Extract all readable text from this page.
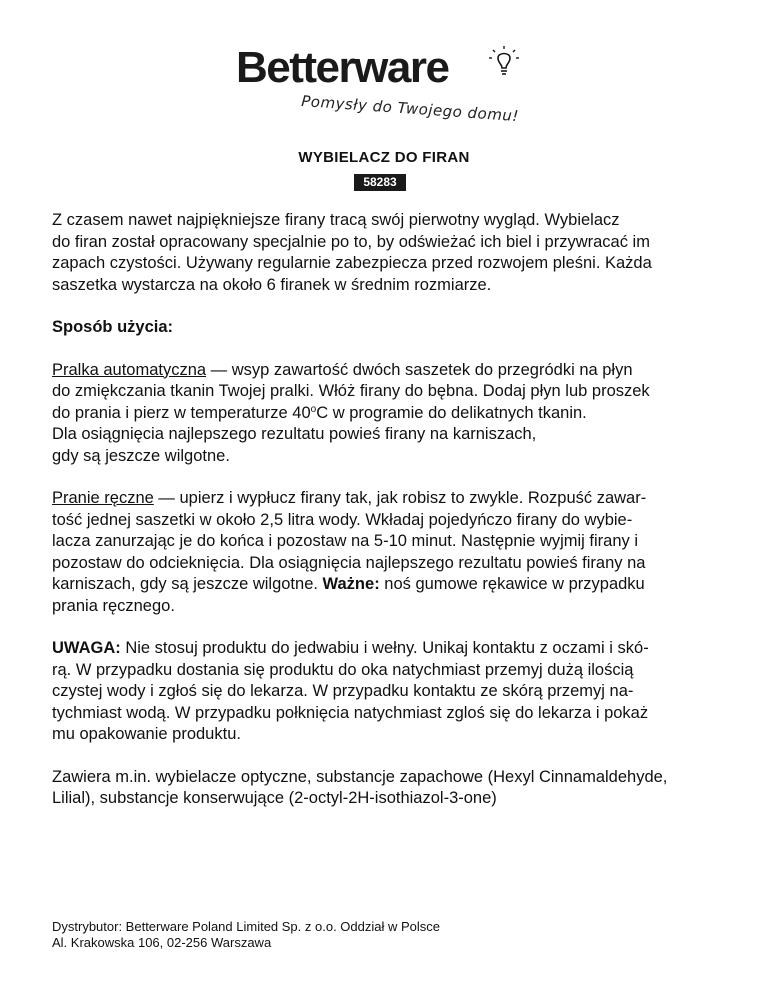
Betterware
Pomysły do Twojego domu!
WYBIELACZ DO FIRAN
58283

Z czasem nawet najpiękniejsze firany tracą swój pierwotny wygląd. Wybielacz
do firan został opracowany specjalnie po to, by odświeżać ich biel i przywracać im
zapach czystości. Używany regularnie zabezpiecza przed rozwojem pleśni. Każda
saszetka wystarcza na około 6 firanek w średnim rozmiarze.

Sposób użycia:

Pralka automatyczna — wsyp zawartość dwóch saszetek do przegródki na płyn
do zmiękczania tkanin Twojej pralki. Włóż firany do bębna. Dodaj płyn lub proszek
do prania i pierz w temperaturze 40$^o$C w programie do delikatnych tkanin.
Dla osiągnięcia najlepszego rezultatu powieś firany na karniszach,
gdy są jeszcze wilgotne.

Pranie ręczne — upierz i wypłucz firany tak, jak robisz to zwykle. Rozpuść zawar-
tość jednej saszetki w około 2,5 litra wody. Wkładaj pojedyńczo firany do wybie-
lacza zanurzając je do końca i pozostaw na 5-10 minut. Następnie wyjmij firany i
pozostaw do odcieknięcia. Dla osiągnięcia najlepszego rezultatu powieś firany na
karniszach, gdy są jeszcze wilgotne. Ważne: noś gumowe rękawice w przypadku
prania ręcznego.

UWAGA: Nie stosuj produktu do jedwabiu i wełny. Unikaj kontaktu z oczami i skó-
rą. W przypadku dostania się produktu do oka natychmiast przemyj dużą ilością
czystej wody i zgłoś się do lekarza. W przypadku kontaktu ze skórą przemyj na-
tychmiast wodą. W przypadku połknięcia natychmiast zgloś się do lekarza i pokaż
mu opakowanie produktu.

Zawiera m.in. wybielacze optyczne, substancje zapachowe (Hexyl Cinnamaldehyde,
Lilial), substancje konserwujące (2-octyl-2H-isothiazol-3-one)

Dystrybutor: Betterware Poland Limited Sp. z o.o. Oddział w Polsce
Al. Krakowska 106, 02-256 Warszawa
